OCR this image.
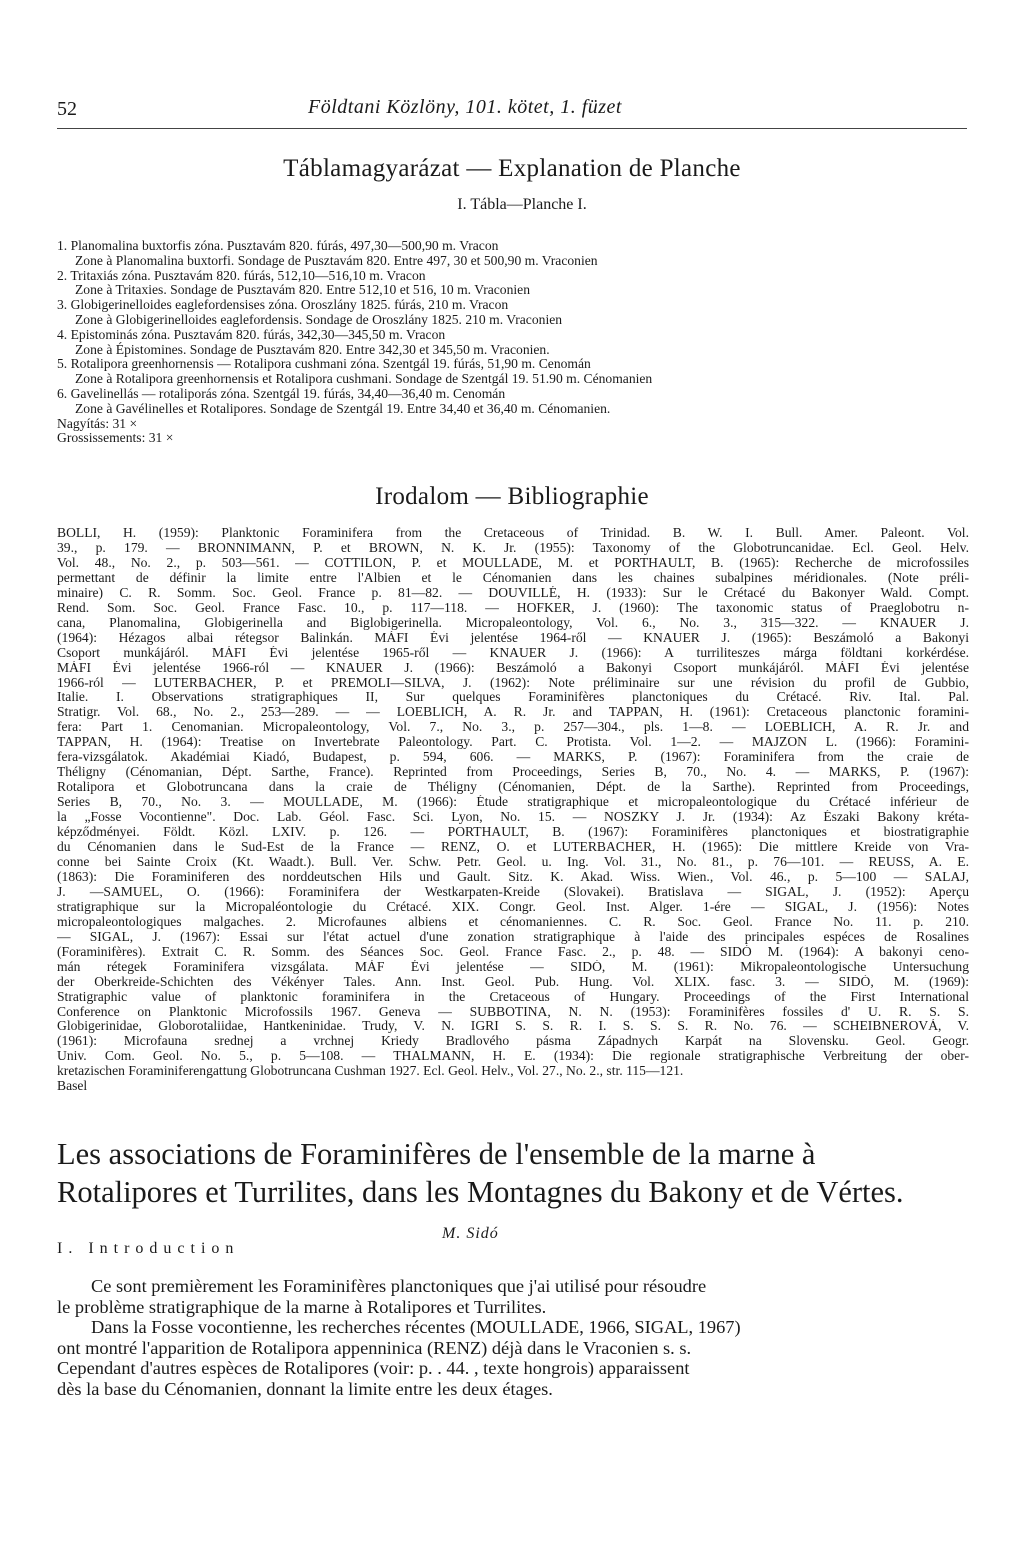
52	Földtani Közlöny, 101. kötet, 1. füzet
Táblamagyarázat — Explanation de Planche
I. Tábla—Planche I.
1. Planomalina buxtorfis zóna. Pusztavám 820. fúrás, 497,30—500,90 m. Vracon
Zone à Planomalina buxtorfi. Sondage de Pusztavám 820. Entre 497, 30 et 500,90 m. Vraconien
2. Tritaxiás zóna. Pusztavám 820. fúrás, 512,10—516,10 m. Vracon
Zone à Tritaxies. Sondage de Pusztavám 820. Entre 512,10 et 516, 10 m. Vraconien
3. Globigerinelloides eaglefordensises zóna. Oroszlány 1825. fúrás, 210 m. Vracon
Zone à Globigerinelloides eaglefordensis. Sondage de Oroszlány 1825. 210 m. Vraconien
4. Epistominás zóna. Pusztavám 820. fúrás, 342,30—345,50 m. Vracon
Zone à Épistomines. Sondage de Pusztavám 820. Entre 342,30 et 345,50 m. Vraconien.
5. Rotalipora greenhornensis — Rotalipora cushmani zóna. Szentgál 19. fúrás, 51,90 m. Cenomán
Zone à Rotalipora greenhornensis et Rotalipora cushmani. Sondage de Szentgál 19. 51.90 m. Cénomanien
6. Gavelinellás — rotaliporás zóna. Szentgál 19. fúrás, 34,40—36,40 m. Cenomán
Zone à Gavélinelles et Rotalipores. Sondage de Szentgál 19. Entre 34,40 et 36,40 m. Cénomanien.
Nagyítás: 31 ×
Grossissements: 31 ×
Irodalom — Bibliographie
BOLLI, H. (1959): Planktonic Foraminifera from the Cretaceous of Trinidad. B. W. I. Bull. Amer. Paleont. Vol.
39., p. 179. — BRONNIMANN, P. et BROWN, N. K. Jr. (1955): Taxonomy of the Globotruncanidae. Ecl. Geol. Helv.
Vol. 48., No. 2., p. 503—561. — COTTILON, P. et MOULLADE, M. et PORTHAULT, B. (1965): Recherche de microfossiles
permettant de définir la limite entre l'Albien et le Cénomanien dans les chaines subalpines méridionales. (Note préli-
minaire) C. R. Somm. Soc. Geol. France p. 81—82. — DOUVILLÉ, H. (1933): Sur le Crétacé du Bakonyer Wald. Compt.
Rend. Som. Soc. Geol. France Fasc. 10., p. 117—118. — HOFKER, J. (1960): The taxonomic status of Praeglobotru n-
cana, Planomalina, Globigerinella and Biglobigerinella. Micropaleontology, Vol. 6., No. 3., 315—322. — KNAUER J.
(1964): Hézagos albai rétegsor Balinkán. MÁFI Évi jelentése 1964-ről — KNAUER J. (1965): Beszámoló a Bakonyi
Csoport munkájáról. MÁFI Évi jelentése 1965-ről — KNAUER J. (1966): A turriliteszes márga földtani korkérdése.
MÁFI Évi jelentése 1966-ról — KNAUER J. (1966): Beszámoló a Bakonyi Csoport munkájáról. MÁFI Évi jelentése
1966-ról — LUTERBACHER, P. et PREMOLI—SILVA, J. (1962): Note préliminaire sur une révision du profil de Gubbio,
Italie. I. Observations stratigraphiques II, Sur quelques Foraminifères planctoniques du Crétacé. Riv. Ital. Pal.
Stratigr. Vol. 68., No. 2., 253—289. — — LOEBLICH, A. R. Jr. and TAPPAN, H. (1961): Cretaceous planctonic foramini-
fera: Part 1. Cenomanian. Micropaleontology, Vol. 7., No. 3., p. 257—304., pls. 1—8. — LOEBLICH, A. R. Jr. and
TAPPAN, H. (1964): Treatise on Invertebrate Paleontology. Part. C. Protista. Vol. 1—2. — MAJZON L. (1966): Foramini-
fera-vizsgálatok. Akadémiai Kiadó, Budapest, p. 594, 606. — MARKS, P. (1967): Foraminifera from the craie de
Théligny (Cénomanian, Dépt. Sarthe, France). Reprinted from Proceedings, Series B, 70., No. 4. — MARKS, P. (1967):
Rotalipora et Globotruncana dans la craie de Théligny (Cénomanien, Dépt. de la Sarthe). Reprinted from Proceedings,
Series B, 70., No. 3. — MOULLADE, M. (1966): Étude stratigraphique et micropaleontologique du Crétacé inférieur de
la „Fosse Vocontienne". Doc. Lab. Géol. Fasc. Sci. Lyon, No. 15. — NOSZKY J. Jr. (1934): Az Északi Bakony kréta-
képződményei. Földt. Közl. LXIV. p. 126. — PORTHAULT, B. (1967): Foraminifères planctoniques et biostratigraphie
du Cénomanien dans le Sud-Est de la France — RENZ, O. et LUTERBACHER, H. (1965): Die mittlere Kreide von Vra-
conne bei Sainte Croix (Kt. Waadt.). Bull. Ver. Schw. Petr. Geol. u. Ing. Vol. 31., No. 81., p. 76—101. — REUSS, A. E.
(1863): Die Foraminiferen des norddeutschen Hils und Gault. Sitz. K. Akad. Wiss. Wien., Vol. 46., p. 5—100 — SALAJ,
J. —SAMUEL, O. (1966): Foraminifera der Westkarpaten-Kreide (Slovakei). Bratislava — SIGAL, J. (1952): Aperçu
stratigraphique sur la Micropaléontologie du Crétacé. XIX. Congr. Geol. Inst. Alger. 1-ére — SIGAL, J. (1956): Notes
micropaleontologiques malgaches. 2. Microfaunes albiens et cénomaniennes. C. R. Soc. Geol. France No. 11. p. 210.
— SIGAL, J. (1967): Essai sur l'état actuel d'une zonation stratigraphique à l'aide des principales espéces de Rosalines
(Foraminifères). Extrait C. R. Somm. des Séances Soc. Geol. France Fasc. 2., p. 48. — SIDÓ M. (1964): A bakonyi ceno-
mán rétegek Foraminifera vizsgálata. MÁF Évi jelentése — SIDÓ, M. (1961): Mikropaleontologische Untersuchung
der Oberkreide-Schichten des Vékényer Tales. Ann. Inst. Geol. Pub. Hung. Vol. XLIX. fasc. 3. — SIDÓ, M. (1969):
Stratigraphic value of planktonic foraminifera in the Cretaceous of Hungary. Proceedings of the First International
Conference on Planktonic Microfossils 1967. Geneva — SUBBOTINA, N. N. (1953): Foraminifères fossiles d' U. R. S. S.
Globigerinidae, Globorotaliidae, Hantkeninidae. Trudy, V. N. IGRI S. S. R. I. S. S. S. R. No. 76. — SCHEIBNEROVÁ, V.
(1961): Microfauna srednej a vrchnej Kriedy Bradlového pásma Západnych Karpát na Slovensku. Geol. Geogr.
Univ. Com. Geol. No. 5., p. 5—108. — THALMANN, H. E. (1934): Die regionale stratigraphische Verbreitung der ober-
kretazischen Foraminiferengattung Globotruncana Cushman 1927. Ecl. Geol. Helv., Vol. 27., No. 2., str. 115—121.
Basel
Les associations de Foraminifères de l'ensemble de la marne à
Rotalipores et Turrilites, dans les Montagnes du Bakony et de Vértes.
M. Sidó
I. Introduction
Ce sont premièrement les Foraminifères planctoniques que j'ai utilisé pour résoudre
le problème stratigraphique de la marne à Rotalipores et Turrilites.
Dans la Fosse vocontienne, les recherches récentes (MOULLADE, 1966, SIGAL, 1967)
ont montré l'apparition de Rotalipora appenninica (RENZ) déjà dans le Vraconien s. s.
Cependant d'autres espèces de Rotalipores (voir: p. . 44. , texte hongrois) apparaissent
dès la base du Cénomanien, donnant la limite entre les deux étages.
